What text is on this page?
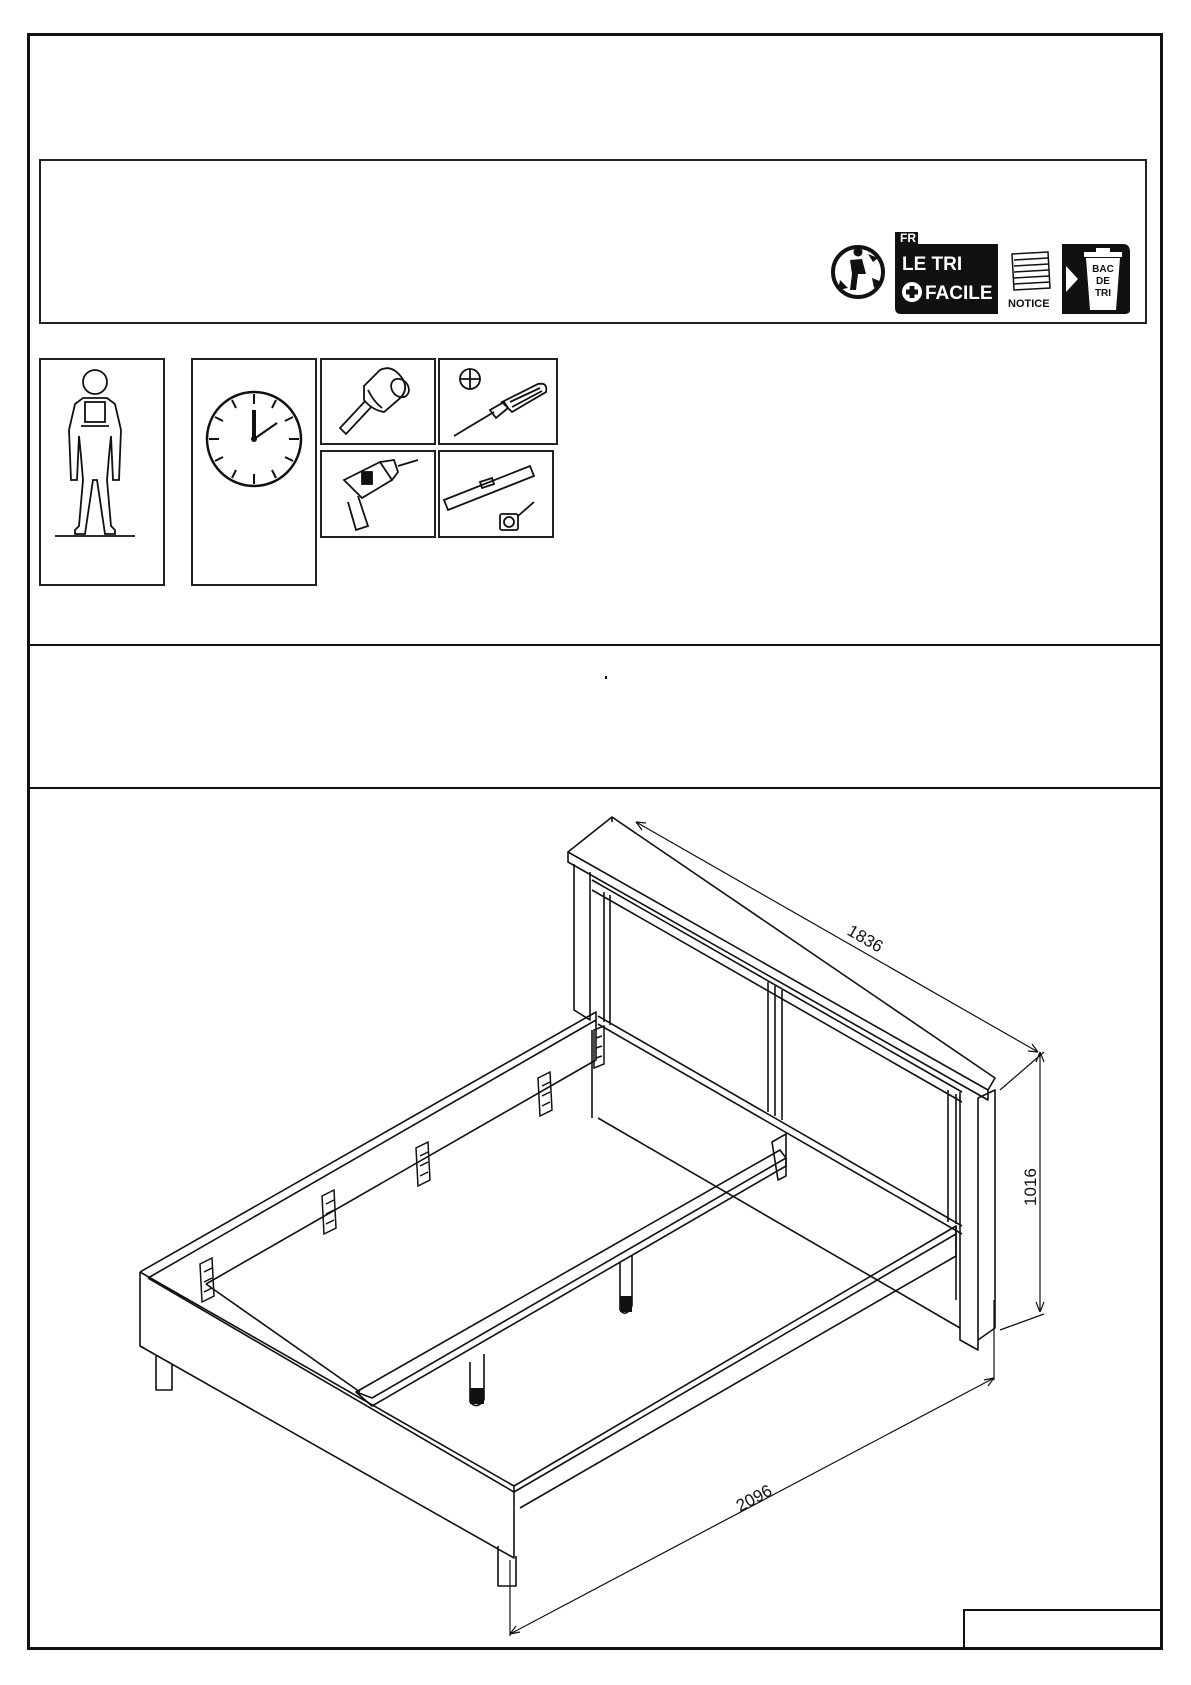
FR
LE TRI
FACILE NOTICE
BAC
DE
TRI
1836
1016
2096
